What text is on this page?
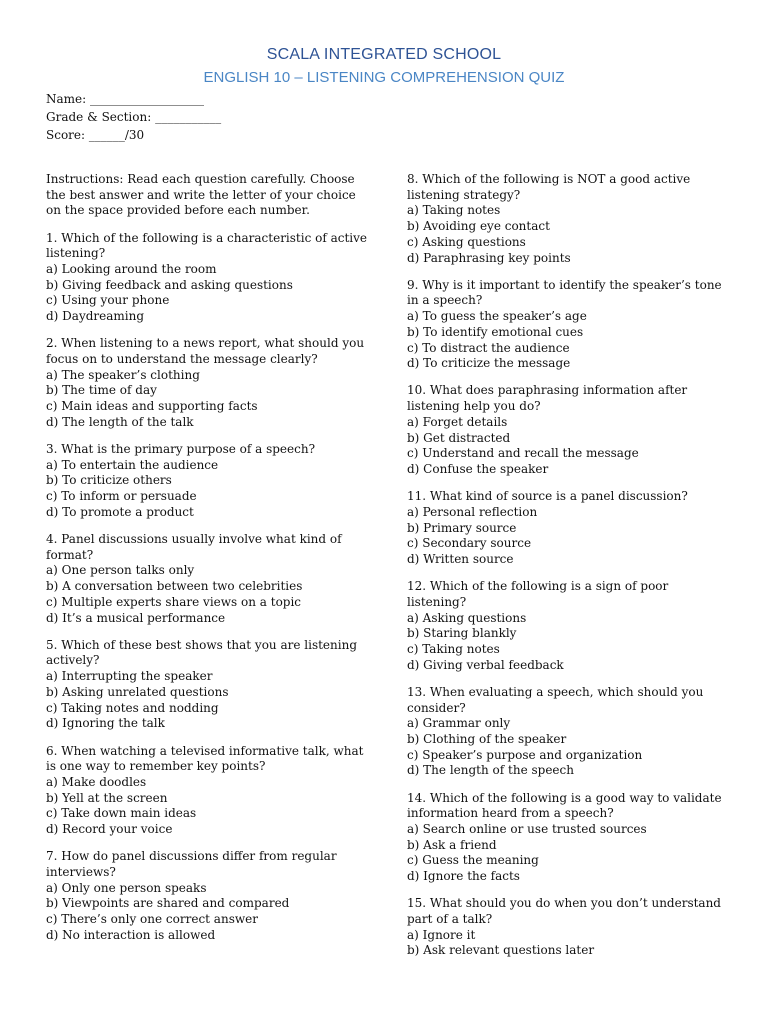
SCALA INTEGRATED SCHOOL
ENGLISH 10 – LISTENING COMPREHENSION QUIZ
Name: ___________________
Grade & Section: ___________
Score: ______/30

Instructions: Read each question carefully. Choose the best answer and write the letter of your choice on the space provided before each number.

1. Which of the following is a characteristic of active listening?

a) Looking around the room
b) Giving feedback and asking questions
c) Using your phone
d) Daydreaming

2. When listening to a news report, what should you focus on to understand the message clearly?

a) The speaker’s clothing
b) The time of day
c) Main ideas and supporting facts
d) The length of the talk

3. What is the primary purpose of a speech?

a) To entertain the audience
b) To criticize others
c) To inform or persuade
d) To promote a product

4. Panel discussions usually involve what kind of format?

a) One person talks only
b) A conversation between two celebrities
c) Multiple experts share views on a topic
d) It’s a musical performance

5. Which of these best shows that you are listening actively?

a) Interrupting the speaker
b) Asking unrelated questions
c) Taking notes and nodding
d) Ignoring the talk

6. When watching a televised informative talk, what is one way to remember key points?

a) Make doodles
b) Yell at the screen
c) Take down main ideas
d) Record your voice

7. How do panel discussions differ from regular interviews?

a) Only one person speaks
b) Viewpoints are shared and compared
c) There’s only one correct answer
d) No interaction is allowed

8. Which of the following is NOT a good active listening strategy?

a) Taking notes
b) Avoiding eye contact
c) Asking questions
d) Paraphrasing key points

9. Why is it important to identify the speaker’s tone in a speech?

a) To guess the speaker’s age
b) To identify emotional cues
c) To distract the audience
d) To criticize the message

10. What does paraphrasing information after listening help you do?

a) Forget details
b) Get distracted
c) Understand and recall the message
d) Confuse the speaker

11. What kind of source is a panel discussion?

a) Personal reflection
b) Primary source
c) Secondary source
d) Written source

12. Which of the following is a sign of poor listening?

a) Asking questions
b) Staring blankly
c) Taking notes
d) Giving verbal feedback

13. When evaluating a speech, which should you consider?

a) Grammar only
b) Clothing of the speaker
c) Speaker’s purpose and organization
d) The length of the speech

14. Which of the following is a good way to validate information heard from a speech?

a) Search online or use trusted sources
b) Ask a friend
c) Guess the meaning
d) Ignore the facts

15. What should you do when you don’t understand part of a talk?

a) Ignore it
b) Ask relevant questions later
